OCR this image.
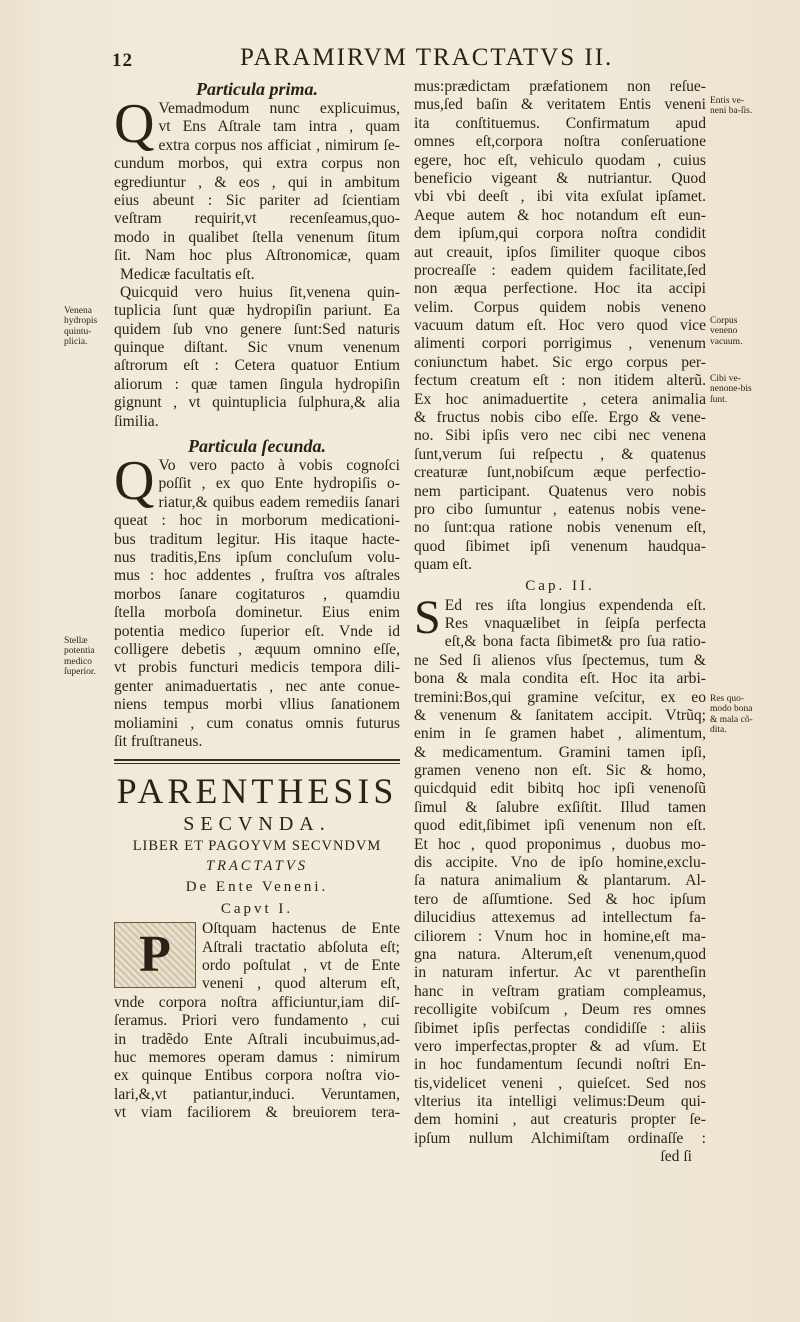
12	PARAMIRVM TRACTATVS II.
Particula prima.
Q Vemadmodum nunc explicuimus,
vt Ens Aſtrale tam intra , quam
extra corpus nos afficiat , nimirum ſe-
cundum morbos, qui extra corpus non
egrediuntur , & eos , qui in ambitum
eius abeunt : Sic pariter ad ſcientiam
veſtram requirit,vt recenſeamus,quo-
modo in qualibet ſtella venenum ſitum
ſit. Nam hoc plus Aſtronomicæ, quam
Medicæ facultatis eſt.
Quicquid vero huius ſit,venena quin-
tuplicia ſunt quæ hydropiſin pariunt. Ea
quidem ſub vno genere ſunt:Sed naturis
quinque diſtant. Sic vnum venenum
aſtrorum eſt : Cetera quatuor Entium
aliorum : quæ tamen ſingula hydropiſin
gignunt , vt quintuplicia ſulphura,& alia
ſimilia.
Particula ſecunda.
Q Vo vero pacto à vobis cognoſci
poſſit , ex quo Ente hydropiſis o-
riatur,& quibus eadem remediis ſanari
queat : hoc in morborum medicationi-
bus traditum legitur. His itaque hacte-
nus traditis,Ens ipſum concluſum volu-
mus : hoc addentes , fruſtra vos aſtrales
morbos ſanare cogitaturos , quamdiu
ſtella morboſa dominetur. Eius enim
potentia medico ſuperior eſt. Vnde id
colligere debetis , æquum omnino eſſe,
vt probis functuri medicis tempora dili-
genter animaduertatis , nec ante conue-
niens tempus morbi vllius ſanationem
moliamini , cum conatus omnis futurus
ſit fruſtraneus.
PARENTHESIS
SECVNDA.
LIBER ET PAGOYVM SECVNDVM
TRACTATVS
De Ente Veneni.
Capvt I.
P	Oſtquam hactenus de Ente
Aſtrali tractatio abſoluta eſt;
ordo poſtulat , vt de Ente
veneni , quod alterum eſt,
vnde corpora noſtra afficiuntur,iam diſ-
ſeramus. Priori vero fundamento , cui
in tradẽdo Ente Aſtrali incubuimus,ad-
huc memores operam damus : nimirum
ex quinque Entibus corpora noſtra vio-
lari,&,vt patiantur,induci. Veruntamen,
vt viam faciliorem & breuiorem tera-
mus:prædictam præfationem non reſue-
mus,ſed baſin & veritatem Entis veneni
ita conſtituemus. Confirmatum apud
omnes eſt,corpora noſtra conſeruatione
egere, hoc eſt, vehiculo quodam , cuius
beneficio vigeant & nutriantur. Quod
vbi vbi deeſt , ibi vita exſulat ipſamet.
Aeque autem & hoc notandum eſt eun-
dem ipſum,qui corpora noſtra condidit
aut creauit, ipſos ſimiliter quoque cibos
procreaſſe : eadem quidem facilitate,ſed
non æqua perfectione. Hoc ita accipi
velim. Corpus quidem nobis veneno
vacuum datum eſt. Hoc vero quod vice
alimenti corpori porrigimus , venenum
coniunctum habet. Sic ergo corpus per-
fectum creatum eſt : non itidem alterũ.
Ex hoc animaduertite , cetera animalia
& fructus nobis cibo eſſe. Ergo & vene-
no. Sibi ipſis vero nec cibi nec venena
ſunt,verum ſui reſpectu , & quatenus
creaturæ ſunt,nobiſcum æque perfectio-
nem participant. Quatenus vero nobis
pro cibo ſumuntur , eatenus nobis vene-
no ſunt:qua ratione nobis venenum eſt,
quod ſibimet ipſi venenum haudqua-
quam eſt.
Cap. II.
S Ed res iſta longius expendenda eſt.
Res vnaquælibet in ſeipſa perfecta
eſt,& bona facta ſibimet& pro ſua ratio-
ne Sed ſi alienos vſus ſpectemus, tum &
bona & mala condita eſt. Hoc ita arbi-
tremini:Bos,qui gramine veſcitur, ex eo
& venenum & ſanitatem accipit. Vtrũq;
enim in ſe gramen habet , alimentum,
& medicamentum. Gramini tamen ipſi,
gramen veneno non eſt. Sic & homo,
quicdquid edit bibitq hoc ipſi venenoſũ
ſimul & ſalubre exſiſtit. Illud tamen
quod edit,ſibimet ipſi venenum non eſt.
Et hoc , quod proponimus , duobus mo-
dis accipite. Vno de ipſo homine,exclu-
ſa natura animalium & plantarum. Al-
tero de aſſumtione. Sed & hoc ipſum
dilucidius attexemus ad intellectum fa-
ciliorem : Vnum hoc in homine,eſt ma-
gna natura. Alterum,eſt venenum,quod
in naturam infertur. Ac vt parentheſin
hanc in veſtram gratiam compleamus,
recolligite vobiſcum , Deum res omnes
ſibimet ipſis perfectas condidiſſe : aliis
vero imperfectas,propter & ad vſum. Et
in hoc fundamentum ſecundi noſtri En-
tis,videlicet veneni , quieſcet. Sed nos
vlterius ita intelligi velimus:Deum qui-
dem homini , aut creaturis propter ſe-
ipſum nullum Alchimiſtam ordinaſſe :
ſed ſi
Venena hydropis quintu-plicia.
Stellæ potentia medico ſuperior.
Entis ve-neni ba-ſis.
Corpus veneno vacuum.
Cibi ve-nenone-bis ſunt.
Res quo-modo bona & mala cõ-dita.
